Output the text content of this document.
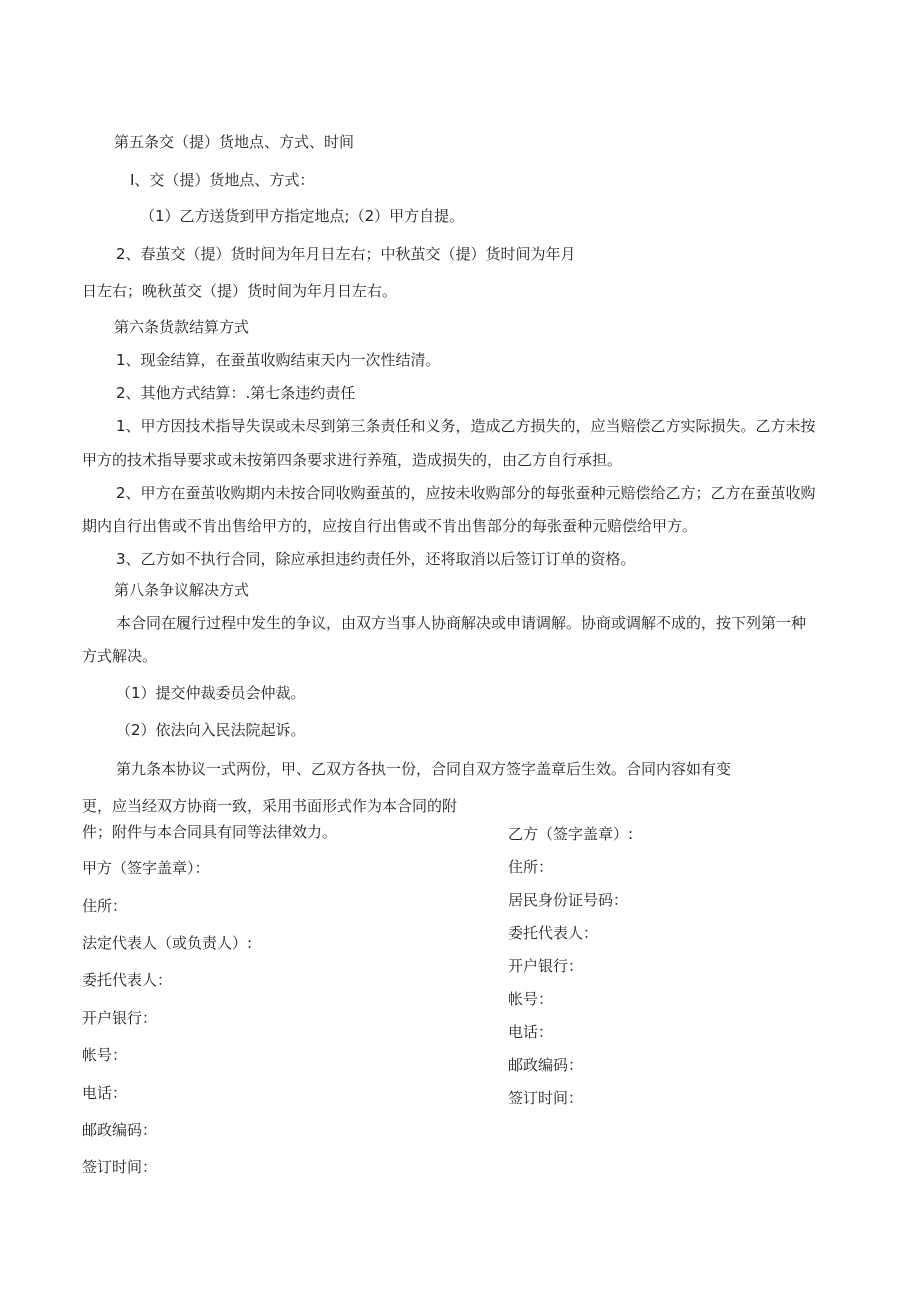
第五条交（提）货地点、方式、时间

I、交（提）货地点、方式：

（1）乙方送货到甲方指定地点;（2）甲方自提。

2、春茧交（提）货时间为年月日左右；中秋茧交（提）货时间为年月

日左右；晚秋茧交（提）货时间为年月日左右。

第六条货款结算方式

1、现金结算，在蚕茧收购结束天内一次性结清。

2、其他方式结算：.第七条违约责任

1、甲方因技术指导失误或未尽到第三条责任和义务，造成乙方损失的，应当赔偿乙方实际损失。乙方未按

甲方的技术指导要求或未按第四条要求进行养殖，造成损失的，由乙方自行承担。

2、甲方在蚕茧收购期内未按合同收购蚕茧的，应按未收购部分的每张蚕种元赔偿给乙方；乙方在蚕茧收购

期内自行出售或不肯出售给甲方的，应按自行出售或不肯出售部分的每张蚕种元赔偿给甲方。

3、乙方如不执行合同，除应承担违约责任外，还将取消以后签订订单的资格。

第八条争议解决方式

本合同在履行过程中发生的争议，由双方当事人协商解决或申请调解。协商或调解不成的，按下列第一种

方式解决。

（1）提交仲裁委员会仲裁。

（2）依法向入民法院起诉。

第九条本协议一式两份，甲、乙双方各执一份，合同自双方签字盖章后生效。合同内容如有变

更，应当经双方协商一致，采用书面形式作为本合同的附

件；附件与本合同具有同等法律效力。

甲方（签字盖章）：
住所：
法定代表人（或负责人）:
委托代表人：
开户银行：
帐号：
电话：
邮政编码：
签订时间：
乙方（签字盖章）:
住所：
居民身份证号码：
委托代表人：
开户银行：
帐号：
电话：
邮政编码：
签订时间：
